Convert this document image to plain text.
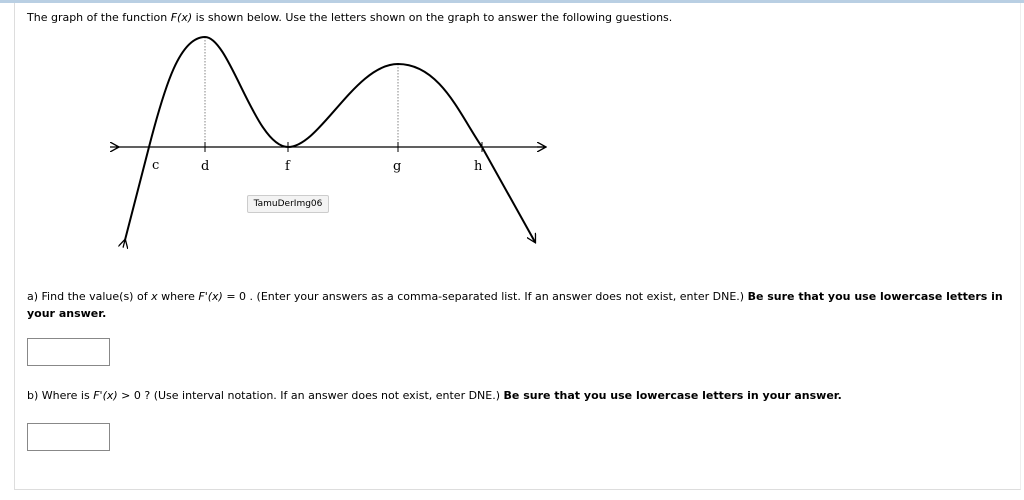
The graph of the function F(x) is shown below. Use the letters shown on the graph to answer the following guestions.
c	d	f	g	h
TamuDerImg06
a) Find the value(s) of x where F'(x) = 0 . (Enter your answers as a comma-separated list. If an answer does not exist, enter DNE.) Be sure that you use lowercase letters in your answer.
b) Where is F'(x) > 0 ? (Use interval notation. If an answer does not exist, enter DNE.) Be sure that you use lowercase letters in your answer.
